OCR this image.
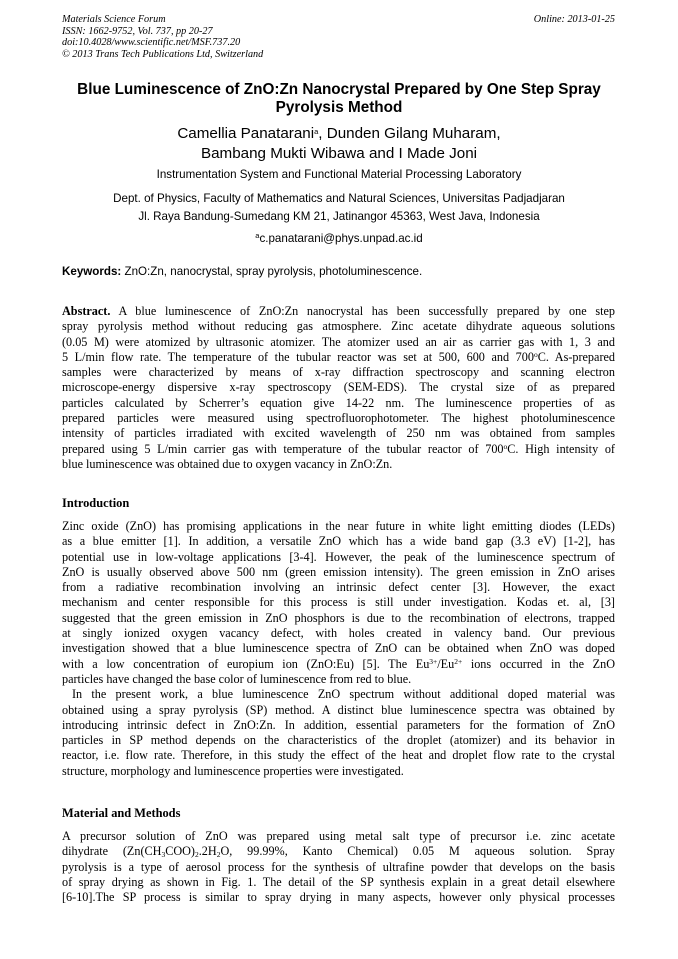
Materials Science Forum
ISSN: 1662-9752, Vol. 737, pp 20-27
doi:10.4028/www.scientific.net/MSF.737.20
© 2013 Trans Tech Publications Ltd, Switzerland
Online: 2013-01-25
Blue Luminescence of ZnO:Zn Nanocrystal Prepared by One Step Spray
Pyrolysis Method
Camellia Panatarani$^a$, Dunden Gilang Muharam,
Bambang Mukti Wibawa and I Made Joni
Instrumentation System and Functional Material Processing Laboratory
Dept. of Physics, Faculty of Mathematics and Natural Sciences, Universitas Padjadjaran
Jl. Raya Bandung-Sumedang KM 21, Jatinangor 45363, West Java, Indonesia
$^a$c.panatarani@phys.unpad.ac.id
Keywords: ZnO:Zn, nanocrystal, spray pyrolysis, photoluminescence.
Abstract. A blue luminescence of ZnO:Zn nanocrystal has been successfully prepared by one step
spray pyrolysis method without reducing gas atmosphere. Zinc acetate dihydrate aqueous solutions
(0.05 M) were atomized by ultrasonic atomizer. The atomizer used an air as carrier gas with 1, 3 and
5 L/min flow rate. The temperature of the tubular reactor was set at 500, 600 and 700$^o$C. As-prepared
samples were characterized by means of x-ray diffraction spectroscopy and scanning electron
microscope-energy dispersive x-ray spectroscopy (SEM-EDS). The crystal size of as prepared
particles calculated by Scherrer’s equation give 14-22 nm. The luminescence properties of as
prepared particles were measured using spectrofluorophotometer. The highest photoluminescence
intensity of particles irradiated with excited wavelength of 250 nm was obtained from samples
prepared using 5 L/min carrier gas with temperature of the tubular reactor of 700$^o$C. High intensity of
blue luminescence was obtained due to oxygen vacancy in ZnO:Zn.
Introduction
Zinc oxide (ZnO) has promising applications in the near future in white light emitting diodes (LEDs)
as a blue emitter [1]. In addition, a versatile ZnO which has a wide band gap (3.3 eV) [1-2], has
potential use in low-voltage applications [3-4]. However, the peak of the luminescence spectrum of
ZnO is usually observed above 500 nm (green emission intensity). The green emission in ZnO arises
from a radiative recombination involving an intrinsic defect center [3]. However, the exact
mechanism and center responsible for this process is still under investigation. Kodas et. al, [3]
suggested that the green emission in ZnO phosphors is due to the recombination of electrons, trapped
at singly ionized oxygen vacancy defect, with holes created in valency band. Our previous
investigation showed that a blue luminescence spectra of ZnO can be obtained when ZnO was doped
with a low concentration of europium ion (ZnO:Eu) [5]. The $Eu^{3+}/Eu^{2+}$ ions occurred in the ZnO
particles have changed the base color of luminescence from red to blue.
In the present work, a blue luminescence ZnO spectrum without additional doped material was
obtained using a spray pyrolysis (SP) method. A distinct blue luminescence spectra was obtained by
introducing intrinsic defect in ZnO:Zn. In addition, essential parameters for the formation of ZnO
particles in SP method depends on the characteristics of the droplet (atomizer) and its behavior in
reactor, i.e. flow rate. Therefore, in this study the effect of the heat and droplet flow rate to the crystal
structure, morphology and luminescence properties were investigated.
Material and Methods
A precursor solution of ZnO was prepared using metal salt type of precursor i.e. zinc acetate
dihydrate ($Zn(CH_3COO)_2.2H_2O$, 99.99%, Kanto Chemical) 0.05 M aqueous solution. Spray
pyrolysis is a type of aerosol process for the synthesis of ultrafine powder that develops on the basis
of spray drying as shown in Fig. 1. The detail of the SP synthesis explain in a great detail elsewhere
[6-10].The SP process is similar to spray drying in many aspects, however only physical processes
